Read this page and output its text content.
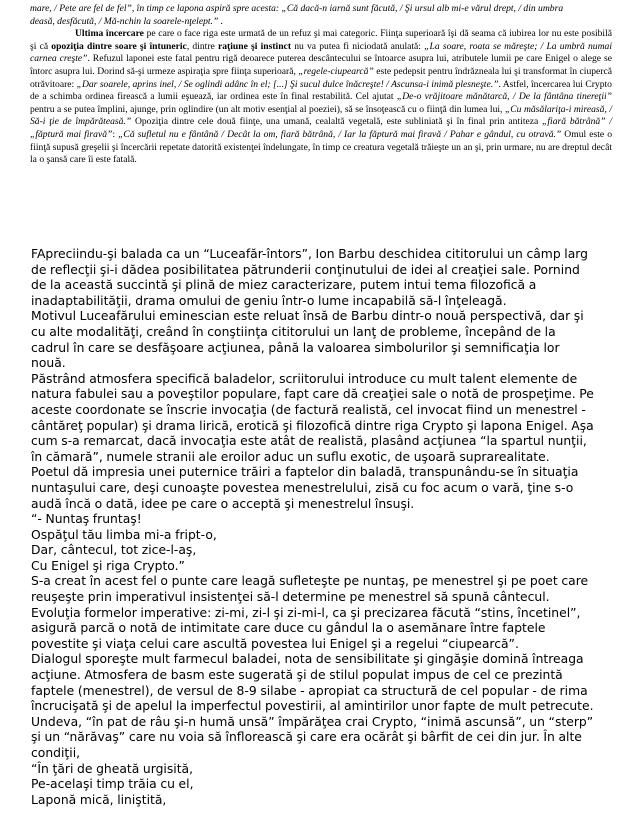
mare, / Pete are fel de fel”, în timp ce lapona aspiră spre acesta: „Că dacă-n iarnă sunt făcută, / Şi ursul alb mi-e vărul drept, / din umbra
deasă, desfăcută, / Mă-nchin la soarele-nţelept.” .

Ultima încercare pe care o face riga este urmată de un refuz şi mai categoric. Fiinţa superioară îşi dă seama că iubirea lor nu este posibilă şi că opoziţia dintre soare şi întuneric, dintre raţiune şi instinct nu va putea fi niciodată anulată: „La soare, roata se măreşte; / La umbră numai carnea creşte”. Refuzul laponei este fatal pentru rigă deoarece puterea descântecului se întoarce asupra lui, atributele lumii pe care Enigel o alege se întorc asupra lui. Dorind să-şi urmeze aspiraţia spre fiinţa superioară, „regele-ciupearcă” este pedepsit pentru îndrăzneala lui şi transformat în ciupercă otrăvitoare: „Dar soarele, aprins inel, / Se oglindi adânc în el; [...] Şi sucul dulce înăcreşte! / Ascunsa-i inimă plesneşte.”. Astfel, încercarea lui Crypto de a schimba ordinea firească a lumii eşuează, iar ordinea este în final restabilită. Cel ajutat „De-o vrăjitoare mănătarcă, / De la fântâna tinereţii” pentru a se putea împlini, ajunge, prin oglindire (un alt motiv esenţial al poeziei), să se însoţească cu o fiinţă din lumea lui, „Cu măsălariţa-i mireasă, / Să-i ţie de împărăteasă.” Opoziţia dintre cele două fiinţe, una umană, cealaltă vegetală, este subliniată şi în final prin antiteza „fiară bătrână” / „făptură mai firavă”: „Că sufletul nu e fântână / Decât la om, fiară bătrână, / Iar la făptură mai firavă / Pahar e gândul, cu otravă.” Omul este o fiinţă supusă greşelii şi încercării repetate datorită existenţei îndelungate, în timp ce creatura vegetală trăieşte un an şi, prin urmare, nu are dreptul decât la o şansă care îi este fatală.

FApreciindu-şi balada ca un “Luceafăr-întors”, Ion Barbu deschidea cititorului un câmp larg
de reflecţii şi-i dădea posibilitatea pătrunderii conţinutului de idei al creaţiei sale. Pornind
de la această succintă şi plină de miez caracterizare, putem intui tema filozofică a
inadaptabilităţii, drama omului de geniu într-o lume incapabilă să-l înţeleagă.
Motivul Luceafărului eminescian este reluat însă de Barbu dintr-o nouă perspectivă, dar şi
cu alte modalităţi, creând în conştiinţa cititorului un lanţ de probleme, începând de la
cadrul în care se desfăşoare acţiunea, până la valoarea simbolurilor şi semnificaţia lor
nouă.
Păstrând atmosfera specifică baladelor, scriitorului introduce cu mult talent elemente de
natura fabulei sau a poveştilor populare, fapt care dă creaţiei sale o notă de prospeţime. Pe
aceste coordonate se înscrie invocaţia (de factură realistă, cel invocat fiind un menestrel -
cântăreţ popular) şi drama lirică, erotică şi filozofică dintre riga Crypto şi lapona Enigel. Aşa
cum s-a remarcat, dacă invocaţia este atât de realistă, plasând acţiunea “la spartul nunţii,
în cămară”, numele stranii ale eroilor aduc un suflu exotic, de uşoară suprarealitate.
Poetul dă impresia unei puternice trăiri a faptelor din baladă, transpunându-se în situaţia
nuntaşului care, deşi cunoaşte povestea menestrelului, zisă cu foc acum o vară, ţine s-o
audă încă o dată, idee pe care o acceptă şi menestrelul însuşi.
“- Nuntaş fruntaş!
Ospăţul tău limba mi-a fript-o,
Dar, cântecul, tot zice-l-aş,
Cu Enigel şi riga Crypto.”
S-a creat în acest fel o punte care leagă sufleteşte pe nuntaş, pe menestrel şi pe poet care
reuşeşte prin imperativul insistenţei să-l determine pe menestrel să spună cântecul.
Evoluţia formelor imperative: zi-mi, zi-l şi zi-mi-l, ca şi precizarea făcută “stins, încetinel”,
asigură parcă o notă de intimitate care duce cu gândul la o asemănare între faptele
povestite şi viaţa celui care ascultă povestea lui Enigel şi a regelui “ciupearcă”.
Dialogul sporeşte mult farmecul baladei, nota de sensibilitate şi gingăşie domină întreaga
acţiune. Atmosfera de basm este sugerată şi de stilul populat impus de cel ce prezintă
faptele (menestrel), de versul de 8-9 silabe - apropiat ca structură de cel popular - de rima
încrucişată şi de apelul la imperfectul povestirii, al amintirilor unor fapte de mult petrecute.
Undeva, “în pat de râu şi-n humă unsă” împărăţea crai Crypto, “inimă ascunsă”, un “sterp”
şi un “nărăvaş” care nu voia să înflorească şi care era ocărât şi bârfit de cei din jur. În alte
condiţii,
“În ţări de gheată urgisită,
Pe-acelaşi timp trăia cu el,
Laponă mică, liniştită,
